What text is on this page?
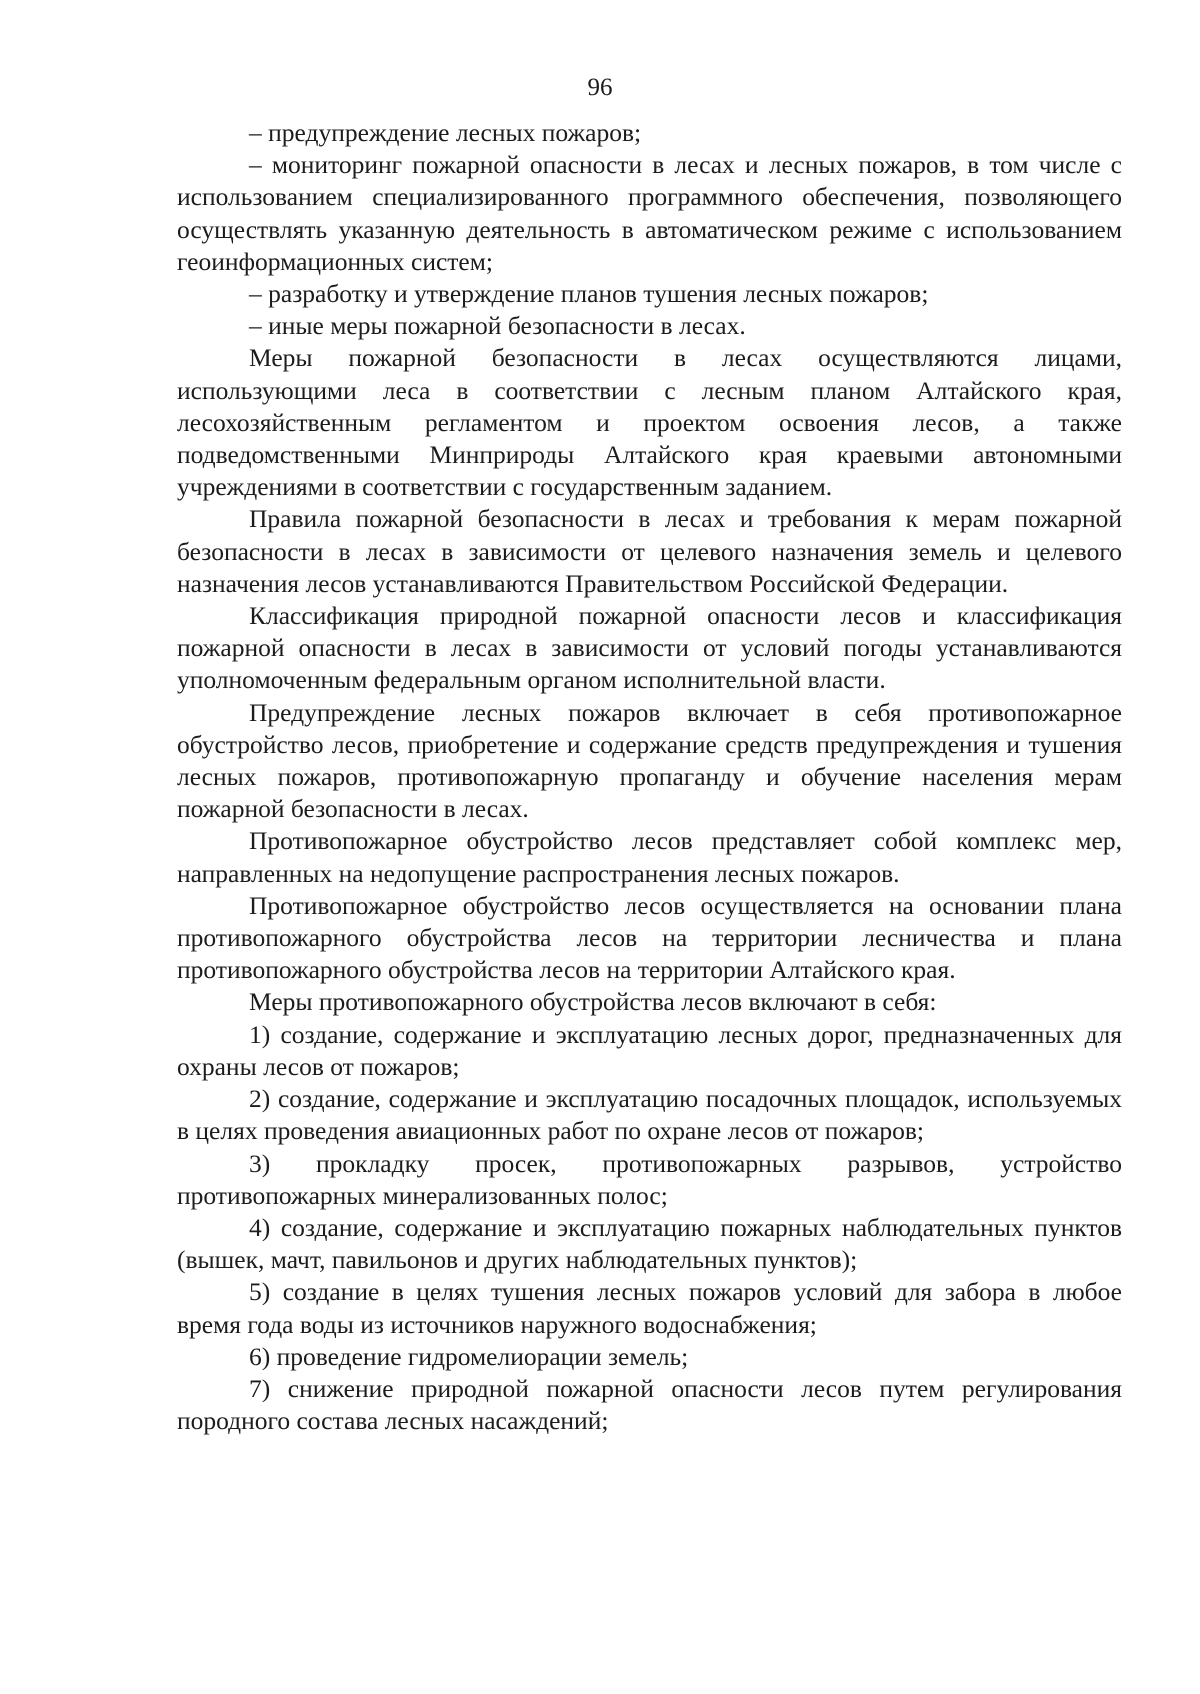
96

– предупреждение лесных пожаров;

– мониторинг пожарной опасности в лесах и лесных пожаров, в том числе с использованием специализированного программного обеспечения, позволяющего осуществлять указанную деятельность в автоматическом режиме с использованием геоинформационных систем;

– разработку и утверждение планов тушения лесных пожаров;

– иные меры пожарной безопасности в лесах.

Меры пожарной безопасности в лесах осуществляются лицами, использующими леса в соответствии с лесным планом Алтайского края, лесохозяйственным регламентом и проектом освоения лесов, а также подведомственными Минприроды Алтайского края краевыми автономными учреждениями в соответствии с государственным заданием.

Правила пожарной безопасности в лесах и требования к мерам пожарной безопасности в лесах в зависимости от целевого назначения земель и целевого назначения лесов устанавливаются Правительством Российской Федерации.

Классификация природной пожарной опасности лесов и классификация пожарной опасности в лесах в зависимости от условий погоды устанавливаются уполномоченным федеральным органом исполнительной власти.

Предупреждение лесных пожаров включает в себя противопожарное обустройство лесов, приобретение и содержание средств предупреждения и тушения лесных пожаров, противопожарную пропаганду и обучение населения мерам пожарной безопасности в лесах.

Противопожарное обустройство лесов представляет собой комплекс мер, направленных на недопущение распространения лесных пожаров.

Противопожарное обустройство лесов осуществляется на основании плана противопожарного обустройства лесов на территории лесничества и плана противопожарного обустройства лесов на территории Алтайского края.

Меры противопожарного обустройства лесов включают в себя:

1) создание, содержание и эксплуатацию лесных дорог, предназначенных для охраны лесов от пожаров;

2) создание, содержание и эксплуатацию посадочных площадок, используемых в целях проведения авиационных работ по охране лесов от пожаров;

3) прокладку просек, противопожарных разрывов, устройство противопожарных минерализованных полос;

4) создание, содержание и эксплуатацию пожарных наблюдательных пунктов (вышек, мачт, павильонов и других наблюдательных пунктов);

5) создание в целях тушения лесных пожаров условий для забора в любое время года воды из источников наружного водоснабжения;

6) проведение гидромелиорации земель;

7) снижение природной пожарной опасности лесов путем регулирования породного состава лесных насаждений;
